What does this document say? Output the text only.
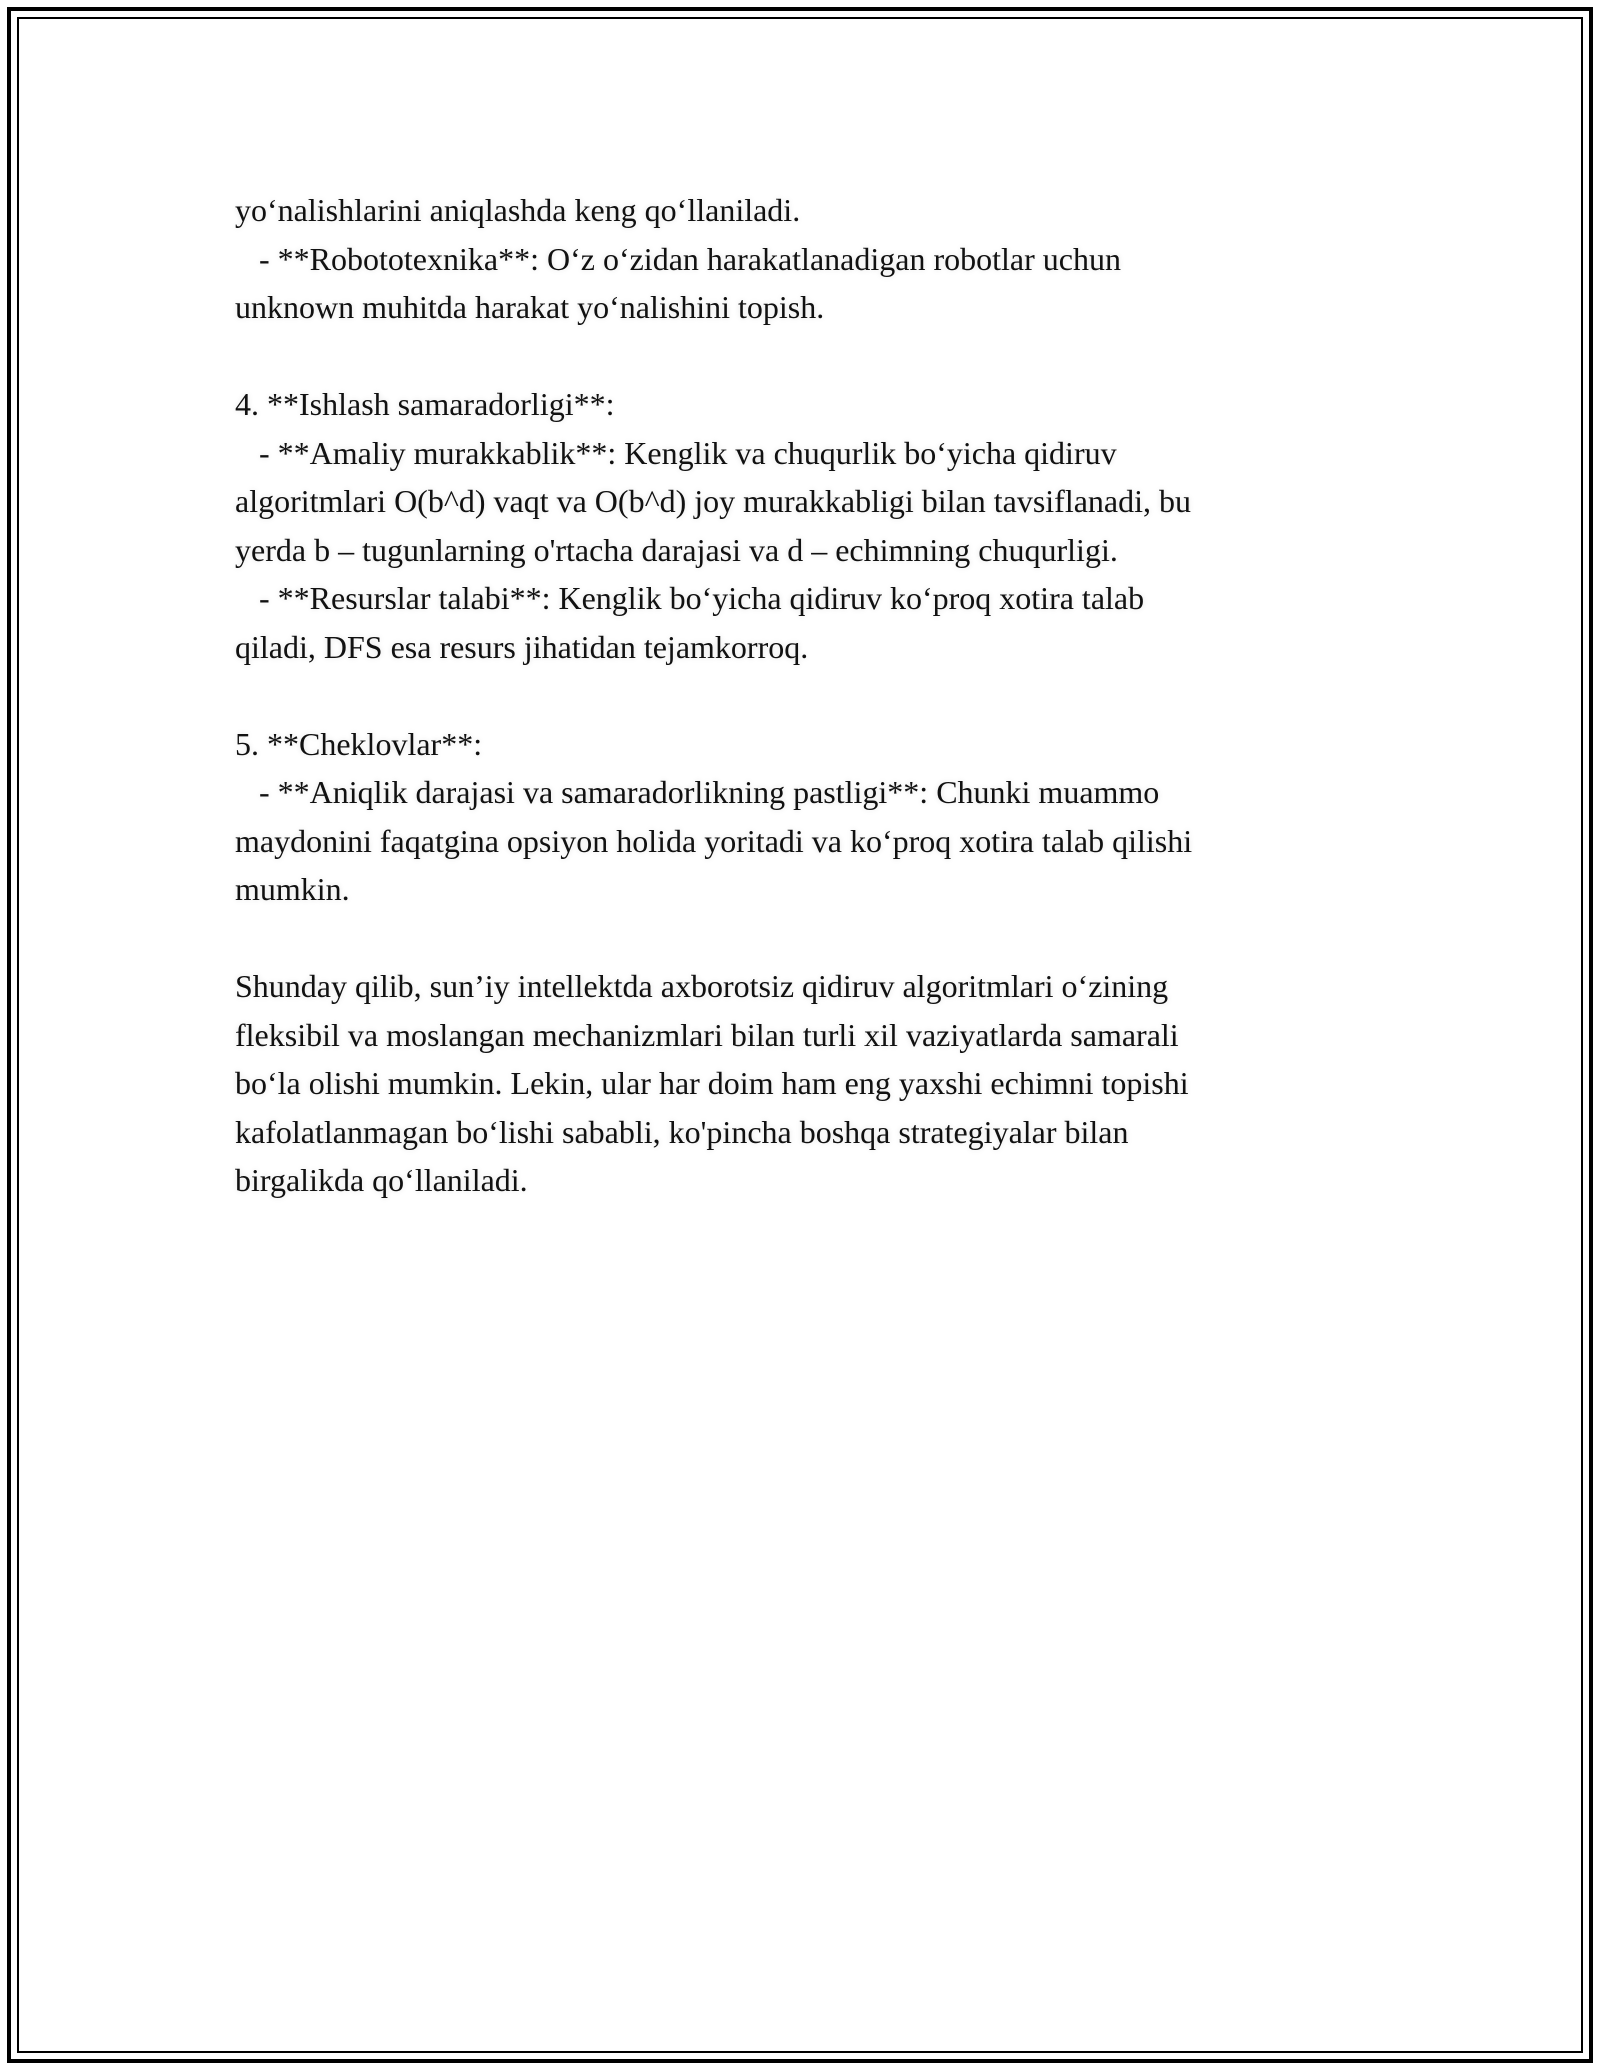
yo‘nalishlarini aniqlashda keng qo‘llaniladi.
- **Robototexnika**: O‘z o‘zidan harakatlanadigan robotlar uchun
unknown muhitda harakat yo‘nalishini topish.
4. **Ishlash samaradorligi**:
- **Amaliy murakkablik**: Kenglik va chuqurlik bo‘yicha qidiruv
algoritmlari O(b^d) vaqt va O(b^d) joy murakkabligi bilan tavsiflanadi, bu
yerda b – tugunlarning o'rtacha darajasi va d – echimning chuqurligi.
- **Resurslar talabi**: Kenglik bo‘yicha qidiruv ko‘proq xotira talab
qiladi, DFS esa resurs jihatidan tejamkorroq.
5. **Cheklovlar**:
- **Aniqlik darajasi va samaradorlikning pastligi**: Chunki muammo
maydonini faqatgina opsiyon holida yoritadi va ko‘proq xotira talab qilishi
mumkin.
Shunday qilib, sun’iy intellektda axborotsiz qidiruv algoritmlari o‘zining
fleksibil va moslangan mechanizmlari bilan turli xil vaziyatlarda samarali
bo‘la olishi mumkin. Lekin, ular har doim ham eng yaxshi echimni topishi
kafolatlanmagan bo‘lishi sababli, ko'pincha boshqa strategiyalar bilan
birgalikda qo‘llaniladi.
